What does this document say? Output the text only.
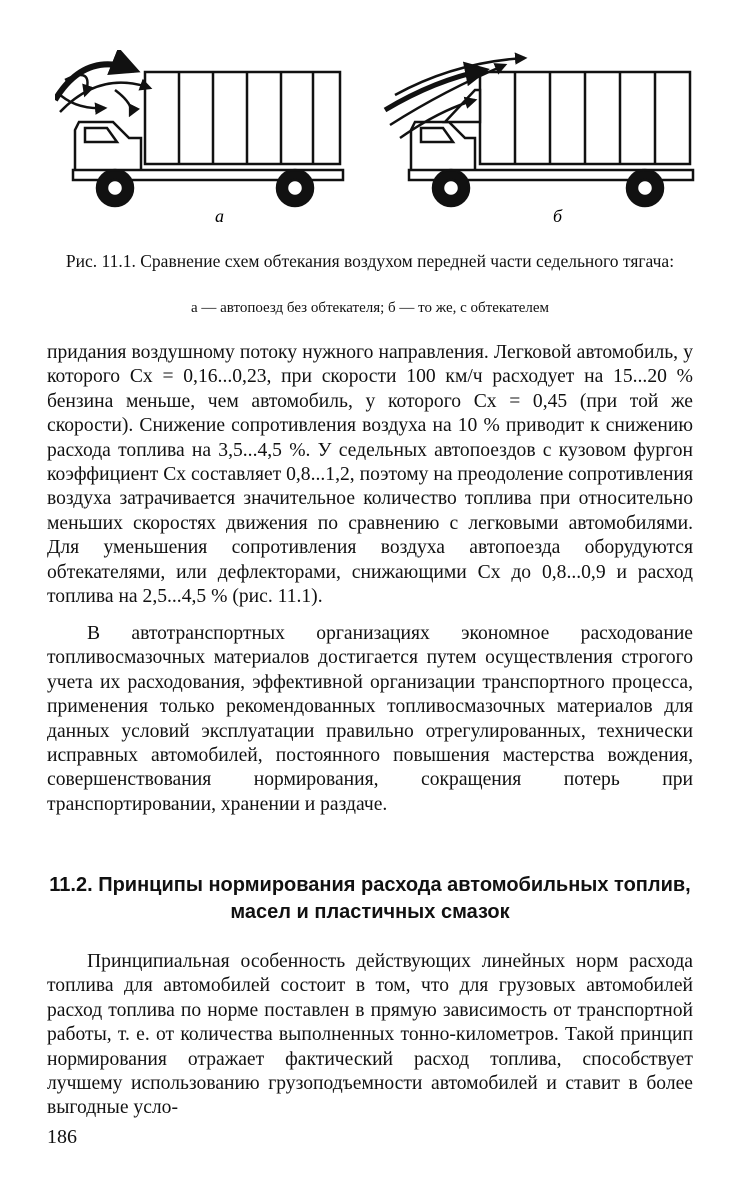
а	б
Рис. 11.1. Сравнение схем обтекания воздухом передней части седельного тягача:
а — автопоезд без обтекателя; б — то же, с обтекателем
придания воздушному потоку нужного направления. Легковой автомобиль, у которого Cx = 0,16...0,23, при скорости 100 км/ч расходует на 15...20 % бензина меньше, чем автомобиль, у которого Cx = 0,45 (при той же скорости). Снижение сопротивления воздуха на 10 % приводит к снижению расхода топлива на 3,5...4,5 %. У седельных автопоездов с кузовом фургон коэффициент Cx составляет 0,8...1,2, поэтому на преодоление сопротивления воздуха затрачивается значительное количество топлива при относительно меньших скоростях движения по сравнению с легковыми автомобилями. Для уменьшения сопротивления воздуха автопоезда оборудуются обтекателями, или дефлекторами, снижающими Cx до 0,8...0,9 и расход топлива на 2,5...4,5 % (рис. 11.1).
В автотранспортных организациях экономное расходование топливосмазочных материалов достигается путем осуществления строгого учета их расходования, эффективной организации транспортного процесса, применения только рекомендованных топливосмазочных материалов для данных условий эксплуатации правильно отрегулированных, технически исправных автомобилей, постоянного повышения мастерства вождения, совершенствования нормирования, сокращения потерь при транспортировании, хранении и раздаче.
11.2. Принципы нормирования расхода автомобильных топлив, масел и пластичных смазок
Принципиальная особенность действующих линейных норм расхода топлива для автомобилей состоит в том, что для грузовых автомобилей расход топлива по норме поставлен в прямую зависимость от транспортной работы, т. е. от количества выполненных тонно-километров. Такой принцип нормирования отражает фактический расход топлива, способствует лучшему использованию грузоподъемности автомобилей и ставит в более выгодные усло-
186
